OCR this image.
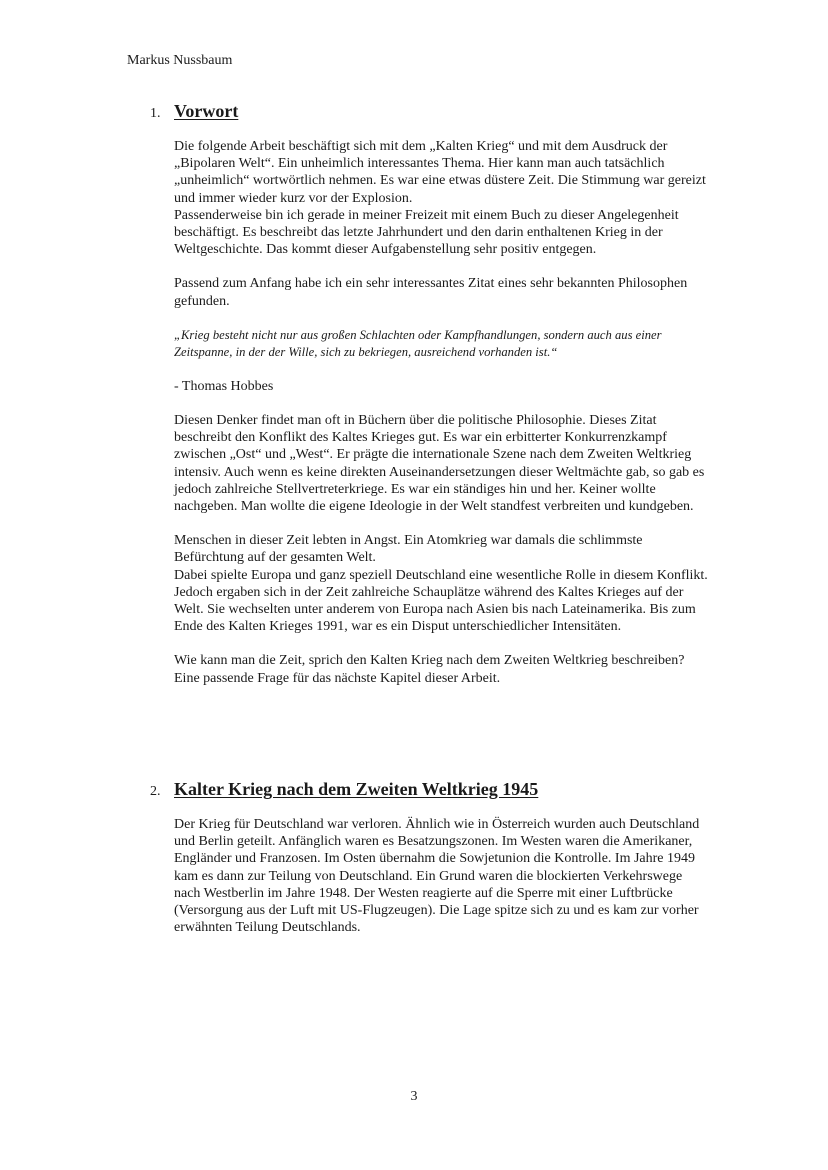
Markus Nussbaum
1. Vorwort

Die folgende Arbeit beschäftigt sich mit dem „Kalten Krieg“ und mit dem Ausdruck der „Bipolaren Welt“. Ein unheimlich interessantes Thema. Hier kann man auch tatsächlich „unheimlich“ wortwörtlich nehmen. Es war eine etwas düstere Zeit. Die Stimmung war gereizt und immer wieder kurz vor der Explosion.

Passenderweise bin ich gerade in meiner Freizeit mit einem Buch zu dieser Angelegenheit beschäftigt. Es beschreibt das letzte Jahrhundert und den darin enthaltenen Krieg in der Weltgeschichte. Das kommt dieser Aufgabenstellung sehr positiv entgegen.

Passend zum Anfang habe ich ein sehr interessantes Zitat eines sehr bekannten Philosophen gefunden.

„Krieg besteht nicht nur aus großen Schlachten oder Kampfhandlungen, sondern auch aus einer Zeitspanne, in der der Wille, sich zu bekriegen, ausreichend vorhanden ist.“

- Thomas Hobbes

Diesen Denker findet man oft in Büchern über die politische Philosophie. Dieses Zitat beschreibt den Konflikt des Kaltes Krieges gut. Es war ein erbitterter Konkurrenzkampf zwischen „Ost“ und „West“. Er prägte die internationale Szene nach dem Zweiten Weltkrieg intensiv. Auch wenn es keine direkten Auseinandersetzungen dieser Weltmächte gab, so gab es jedoch zahlreiche Stellvertreterkriege. Es war ein ständiges hin und her. Keiner wollte nachgeben. Man wollte die eigene Ideologie in der Welt standfest verbreiten und kundgeben.

Menschen in dieser Zeit lebten in Angst. Ein Atomkrieg war damals die schlimmste Befürchtung auf der gesamten Welt.

Dabei spielte Europa und ganz speziell Deutschland eine wesentliche Rolle in diesem Konflikt. Jedoch ergaben sich in der Zeit zahlreiche Schauplätze während des Kaltes Krieges auf der Welt. Sie wechselten unter anderem von Europa nach Asien bis nach Lateinamerika. Bis zum Ende des Kalten Krieges 1991, war es ein Disput unterschiedlicher Intensitäten.

Wie kann man die Zeit, sprich den Kalten Krieg nach dem Zweiten Weltkrieg beschreiben? Eine passende Frage für das nächste Kapitel dieser Arbeit.

2. Kalter Krieg nach dem Zweiten Weltkrieg 1945

Der Krieg für Deutschland war verloren. Ähnlich wie in Österreich wurden auch Deutschland und Berlin geteilt. Anfänglich waren es Besatzungszonen. Im Westen waren die Amerikaner, Engländer und Franzosen. Im Osten übernahm die Sowjetunion die Kontrolle. Im Jahre 1949 kam es dann zur Teilung von Deutschland. Ein Grund waren die blockierten Verkehrswege nach Westberlin im Jahre 1948. Der Westen reagierte auf die Sperre mit einer Luftbrücke (Versorgung aus der Luft mit US-Flugzeugen). Die Lage spitze sich zu und es kam zur vorher erwähnten Teilung Deutschlands.

3
